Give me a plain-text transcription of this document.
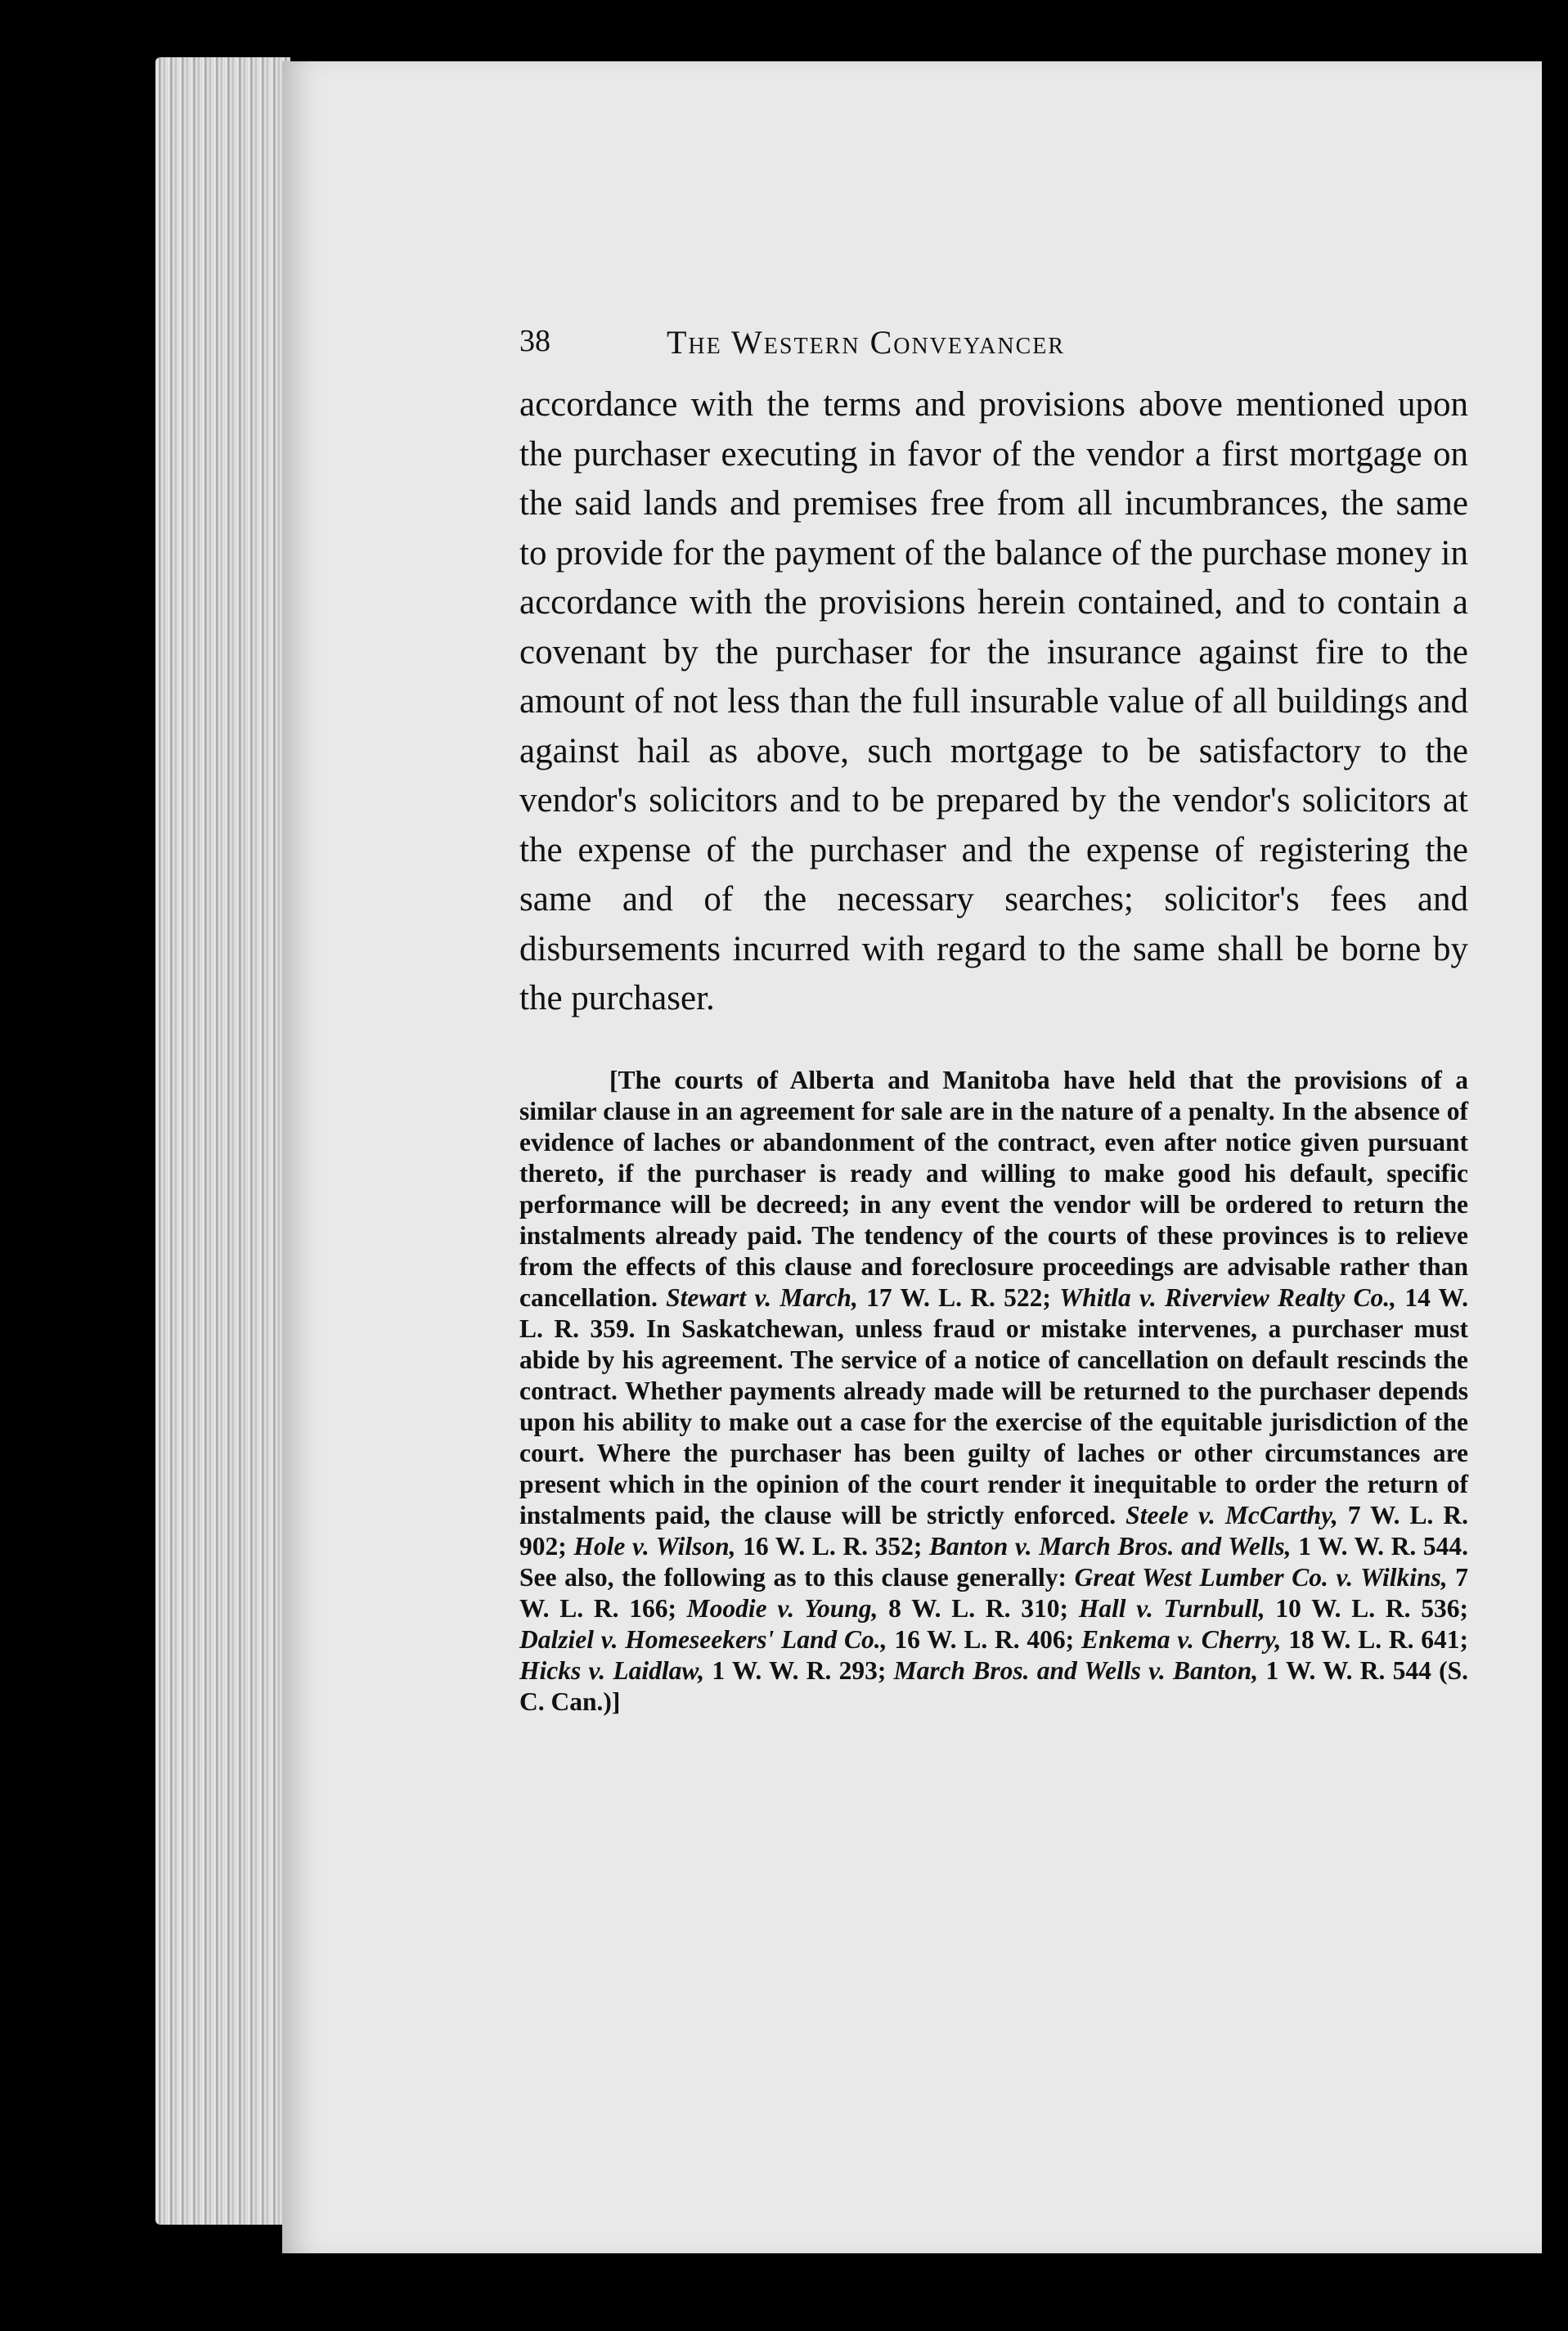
38	The Western Conveyancer

accordance with the terms and provisions above mentioned upon the purchaser executing in favor of the vendor a first mortgage on the said lands and premises free from all incumbrances, the same to provide for the payment of the balance of the purchase money in accordance with the provisions herein contained, and to contain a covenant by the purchaser for the insurance against fire to the amount of not less than the full insurable value of all buildings and against hail as above, such mortgage to be satisfactory to the vendor's solicitors and to be prepared by the vendor's solicitors at the expense of the purchaser and the expense of registering the same and of the necessary searches; solicitor's fees and disbursements incurred with regard to the same shall be borne by the purchaser.

[The courts of Alberta and Manitoba have held that the provisions of a similar clause in an agreement for sale are in the nature of a penalty. In the absence of evidence of laches or abandonment of the contract, even after notice given pursuant thereto, if the purchaser is ready and willing to make good his default, specific performance will be decreed; in any event the vendor will be ordered to return the instalments already paid. The tendency of the courts of these provinces is to relieve from the effects of this clause and foreclosure proceedings are advisable rather than cancellation. Stewart v. March, 17 W. L. R. 522; Whitla v. Riverview Realty Co., 14 W. L. R. 359. In Saskatchewan, unless fraud or mistake intervenes, a purchaser must abide by his agreement. The service of a notice of cancellation on default rescinds the contract. Whether payments already made will be returned to the purchaser depends upon his ability to make out a case for the exercise of the equitable jurisdiction of the court. Where the purchaser has been guilty of laches or other circumstances are present which in the opinion of the court render it inequitable to order the return of instalments paid, the clause will be strictly enforced. Steele v. McCarthy, 7 W. L. R. 902; Hole v. Wilson, 16 W. L. R. 352; Banton v. March Bros. and Wells, 1 W. W. R. 544. See also, the following as to this clause generally: Great West Lumber Co. v. Wilkins, 7 W. L. R. 166; Moodie v. Young, 8 W. L. R. 310; Hall v. Turnbull, 10 W. L. R. 536; Dalziel v. Homeseekers' Land Co., 16 W. L. R. 406; Enkema v. Cherry, 18 W. L. R. 641; Hicks v. Laidlaw, 1 W. W. R. 293; March Bros. and Wells v. Banton, 1 W. W. R. 544 (S. C. Can.)]
